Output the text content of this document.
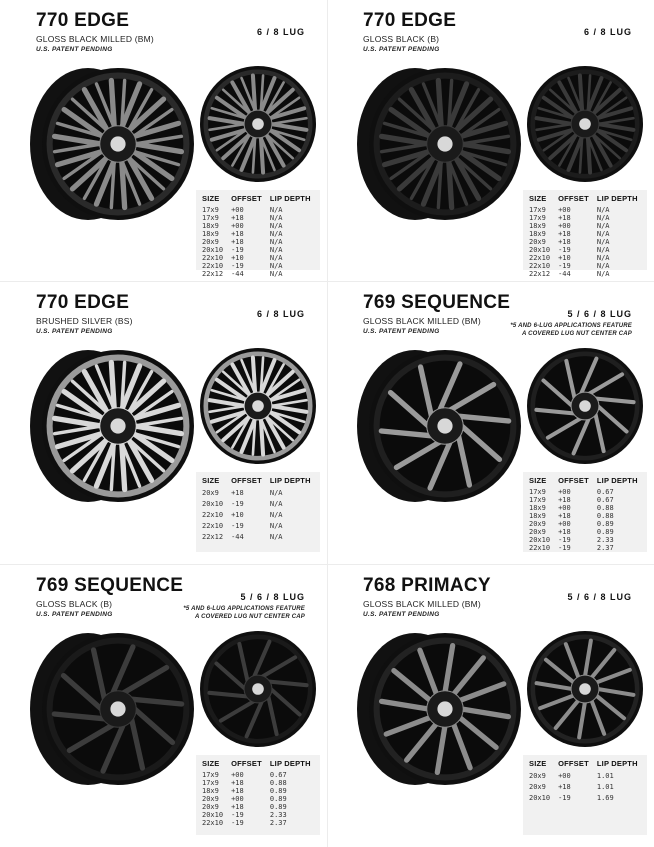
770 EDGE
GLOSS BLACK MILLED (BM)
U.S. PATENT PENDING
6 / 8 LUG
SIZE	OFFSET	LIP DEPTH
17x9	+00	N/A
17x9	+18	N/A
18x9	+00	N/A
18x9	+18	N/A
20x9	+18	N/A
20x10	-19	N/A
22x10	+10	N/A
22x10	-19	N/A
22x12	-44	N/A
770 EDGE
GLOSS BLACK (B)
U.S. PATENT PENDING
6 / 8 LUG
SIZE	OFFSET	LIP DEPTH
17x9	+00	N/A
17x9	+18	N/A
18x9	+00	N/A
18x9	+18	N/A
20x9	+18	N/A
20x10	-19	N/A
22x10	+10	N/A
22x10	-19	N/A
22x12	-44	N/A
770 EDGE
BRUSHED SILVER (BS)
U.S. PATENT PENDING
6 / 8 LUG
SIZE	OFFSET	LIP DEPTH
20x9	+18	N/A
20x10	-19	N/A
22x10	+10	N/A
22x10	-19	N/A
22x12	-44	N/A
769 SEQUENCE
GLOSS BLACK MILLED (BM)
U.S. PATENT PENDING
5 / 6 / 8 LUG
*5 AND 6-LUG APPLICATIONS FEATURE
A COVERED LUG NUT CENTER CAP
SIZE	OFFSET	LIP DEPTH
17x9	+00	0.67
17x9	+18	0.67
18x9	+00	0.88
18x9	+18	0.88
20x9	+00	0.89
20x9	+18	0.89
20x10	-19	2.33
22x10	-19	2.37
769 SEQUENCE
GLOSS BLACK (B)
U.S. PATENT PENDING
5 / 6 / 8 LUG
*5 AND 6-LUG APPLICATIONS FEATURE
A COVERED LUG NUT CENTER CAP
SIZE	OFFSET	LIP DEPTH
17x9	+00	0.67
17x9	+18	0.88
18x9	+18	0.89
20x9	+00	0.89
20x9	+18	0.89
20x10	-19	2.33
22x10	-19	2.37
768 PRIMACY
GLOSS BLACK MILLED (BM)
U.S. PATENT PENDING
5 / 6 / 8 LUG
SIZE	OFFSET	LIP DEPTH
20x9	+00	1.01
20x9	+18	1.01
20x10	-19	1.69
